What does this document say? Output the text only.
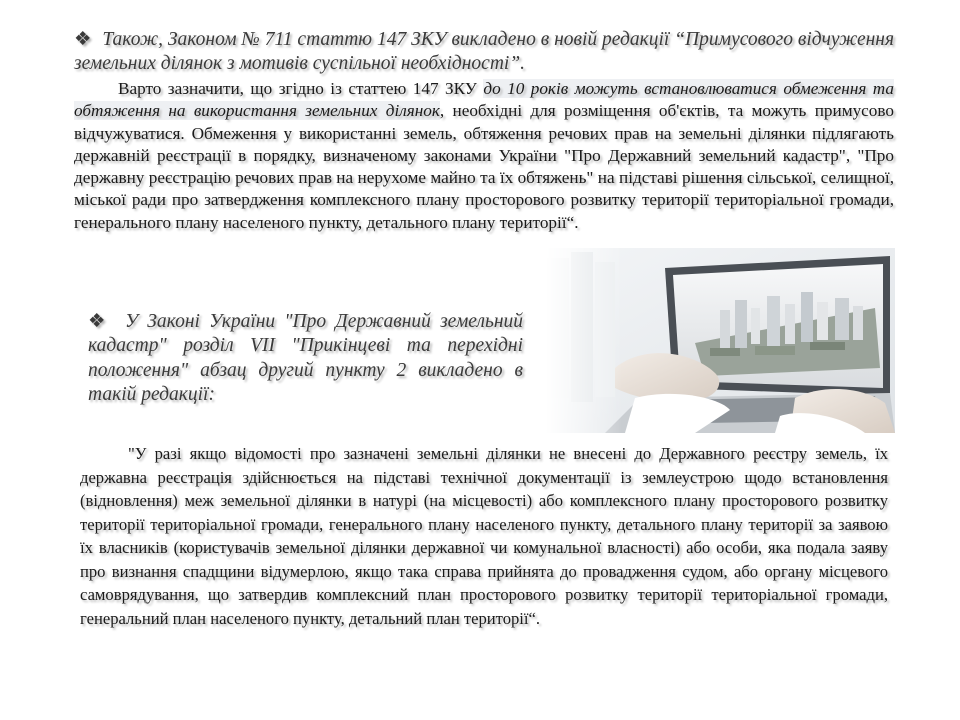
❖ Також, Законом № 711 статтю 147 ЗКУ викладено в новій редакції “Примусового відчуження земельних ділянок з мотивів суспільної необхідності”.
Варто зазначити, що згідно із статтею 147 ЗКУ до 10 років можуть встановлюватися обмеження та обтяження на використання земельних ділянок, необхідні для розміщення об'єктів, та можуть примусово відчужуватися. Обмеження у використанні земель, обтяження речових прав на земельні ділянки підлягають державній реєстрації в порядку, визначеному законами України "Про Державний земельний кадастр", "Про державну реєстрацію речових прав на нерухоме майно та їх обтяжень" на підставі рішення сільської, селищної, міської ради про затвердження комплексного плану просторового розвитку території територіальної громади, генерального плану населеного пункту, детального плану території“.
❖ У Законі України "Про Державний земельний кадастр" розділ VII "Прикінцеві та перехідні положення" абзац другий пункту 2 викладено в такій редакції:
"У разі якщо відомості про зазначені земельні ділянки не внесені до Державного реєстру земель, їх державна реєстрація здійснюється на підставі технічної документації із землеустрою щодо встановлення (відновлення) меж земельної ділянки в натурі (на місцевості) або комплексного плану просторового розвитку території територіальної громади, генерального плану населеного пункту, детального плану території за заявою їх власників (користувачів земельної ділянки державної чи комунальної власності) або особи, яка подала заяву про визнання спадщини відумерлою, якщо така справа прийнята до провадження судом, або органу місцевого самоврядування, що затвердив комплексний план просторового розвитку території територіальної громади, генеральний план населеного пункту, детальний план території“.
